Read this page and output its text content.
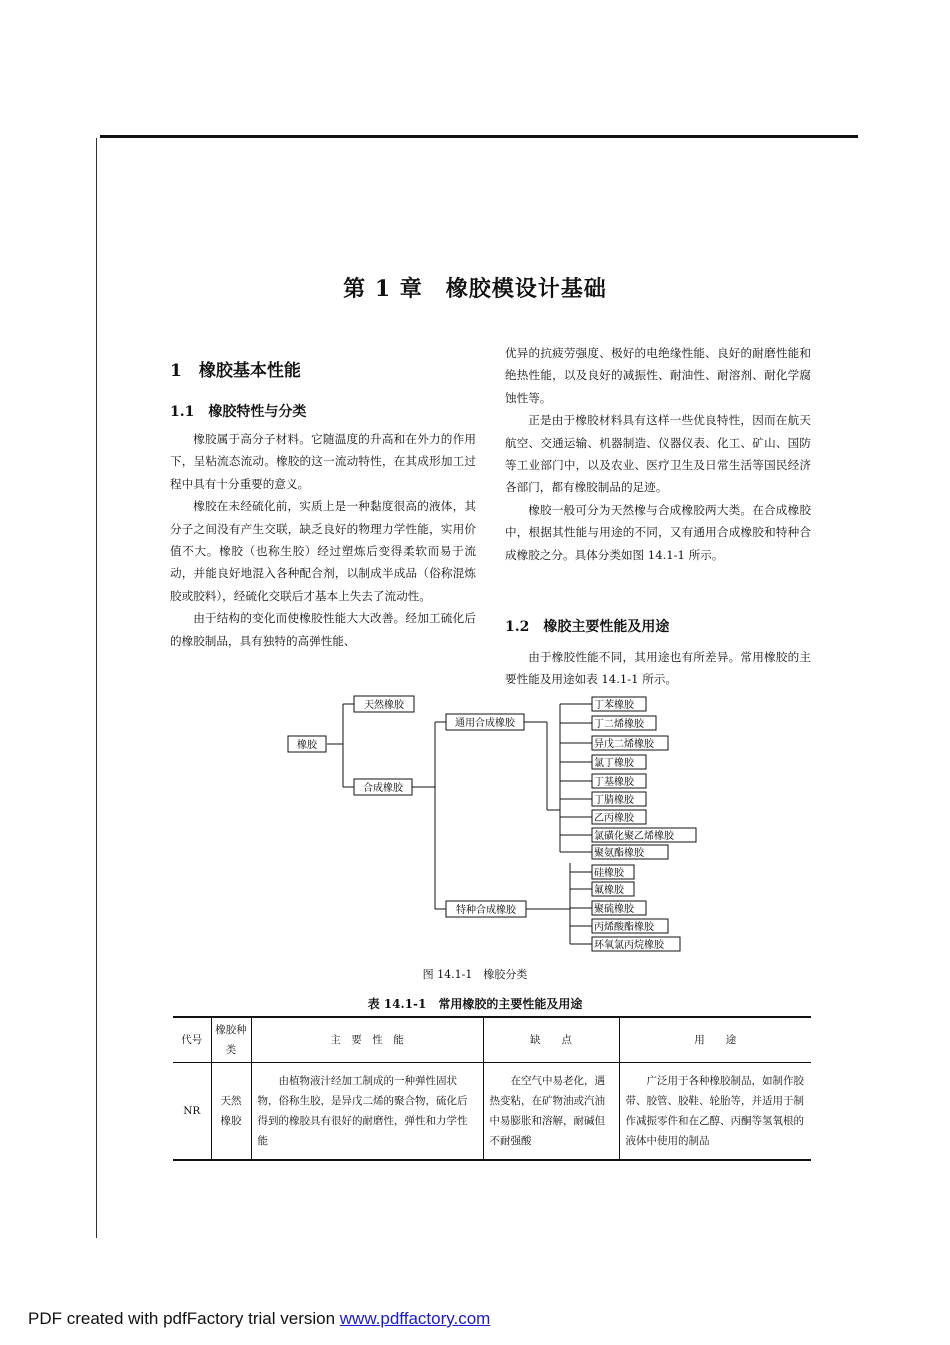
第 1 章　橡胶模设计基础
1　橡胶基本性能
1.1　橡胶特性与分类
橡胶属于高分子材料。它随温度的升高和在外力的作用下，呈粘流态流动。橡胶的这一流动特性，在其成形加工过程中具有十分重要的意义。
橡胶在未经硫化前，实质上是一种黏度很高的液体，其分子之间没有产生交联，缺乏良好的物理力学性能，实用价值不大。橡胶（也称生胶）经过塑炼后变得柔软而易于流动，并能良好地混入各种配合剂，以制成半成品（俗称混炼胶或胶料），经硫化交联后才基本上失去了流动性。
由于结构的变化而使橡胶性能大大改善。经加工硫化后的橡胶制品，具有独特的高弹性能、
优异的抗疲劳强度、极好的电绝缘性能、良好的耐磨性能和绝热性能，以及良好的减振性、耐油性、耐溶剂、耐化学腐蚀性等。
正是由于橡胶材料具有这样一些优良特性，因而在航天航空、交通运输、机器制造、仪器仪表、化工、矿山、国防等工业部门中，以及农业、医疗卫生及日常生活等国民经济各部门，都有橡胶制品的足迹。
橡胶一般可分为天然橡与合成橡胶两大类。在合成橡胶中，根据其性能与用途的不同，又有通用合成橡胶和特种合成橡胶之分。具体分类如图 14.1-1 所示。
1.2　橡胶主要性能及用途
由于橡胶性能不同，其用途也有所差异。常用橡胶的主要性能及用途如表 14.1-1 所示。
橡胶
天然橡胶
合成橡胶
通用合成橡胶
特种合成橡胶
丁苯橡胶
丁二烯橡胶
异戊二烯橡胶
氯丁橡胶
丁基橡胶
丁腈橡胶
乙丙橡胶
氯磺化聚乙烯橡胶
聚氨酯橡胶
硅橡胶
氟橡胶
聚硫橡胶
丙烯酸酯橡胶
环氧氯丙烷橡胶
图 14.1-1　橡胶分类
表 14.1-1　常用橡胶的主要性能及用途
代号	橡胶种类	主　要　性　能	缺　　点	用　　途
NR	天然橡胶	由植物液汁经加工制成的一种弹性固状物，俗称生胶，是异戊二烯的聚合物，硫化后得到的橡胶具有很好的耐磨性，弹性和力学性能	在空气中易老化，遇热变粘，在矿物油或汽油中易膨胀和溶解，耐碱但不耐强酸	广泛用于各种橡胶制品，如制作胶带、胶管、胶鞋、轮胎等，并适用于制作减振零件和在乙醇、丙酮等氢氧根的液体中使用的制品
PDF created with pdfFactory trial version www.pdffactory.com
